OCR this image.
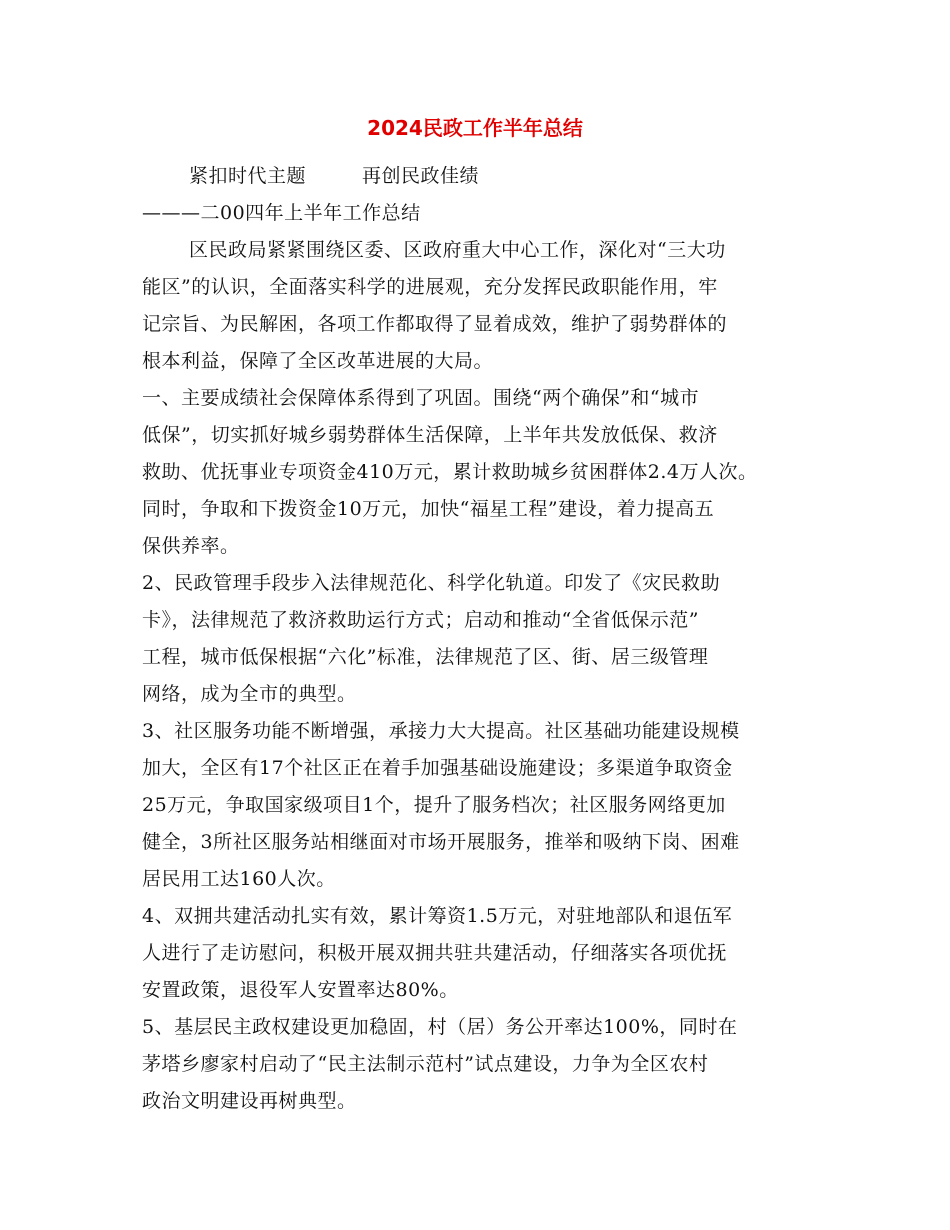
2024民政工作半年总结
紧扣时代主题	再创民政佳绩
———二00四年上半年工作总结
区民政局紧紧围绕区委、区政府重大中心工作，深化对“三大功
能区”的认识，全面落实科学的进展观，充分发挥民政职能作用，牢
记宗旨、为民解困，各项工作都取得了显着成效，维护了弱势群体的
根本利益，保障了全区改革进展的大局。
一、主要成绩社会保障体系得到了巩固。围绕“两个确保”和“城市
低保”，切实抓好城乡弱势群体生活保障，上半年共发放低保、救济
救助、优抚事业专项资金410万元，累计救助城乡贫困群体2.4万人次。
同时，争取和下拨资金10万元，加快“福星工程”建设，着力提高五
保供养率。
2、民政管理手段步入法律规范化、科学化轨道。印发了《灾民救助
卡》，法律规范了救济救助运行方式；启动和推动“全省低保示范”
工程，城市低保根据“六化”标准，法律规范了区、街、居三级管理
网络，成为全市的典型。
3、社区服务功能不断增强，承接力大大提高。社区基础功能建设规模
加大，全区有17个社区正在着手加强基础设施建设；多渠道争取资金
25万元，争取国家级项目1个，提升了服务档次；社区服务网络更加
健全，3所社区服务站相继面对市场开展服务，推举和吸纳下岗、困难
居民用工达160人次。
4、双拥共建活动扎实有效，累计筹资1.5万元，对驻地部队和退伍军
人进行了走访慰问，积极开展双拥共驻共建活动，仔细落实各项优抚
安置政策，退役军人安置率达80%。
5、基层民主政权建设更加稳固，村（居）务公开率达100%，同时在
茅塔乡廖家村启动了“民主法制示范村”试点建设，力争为全区农村
政治文明建设再树典型。
